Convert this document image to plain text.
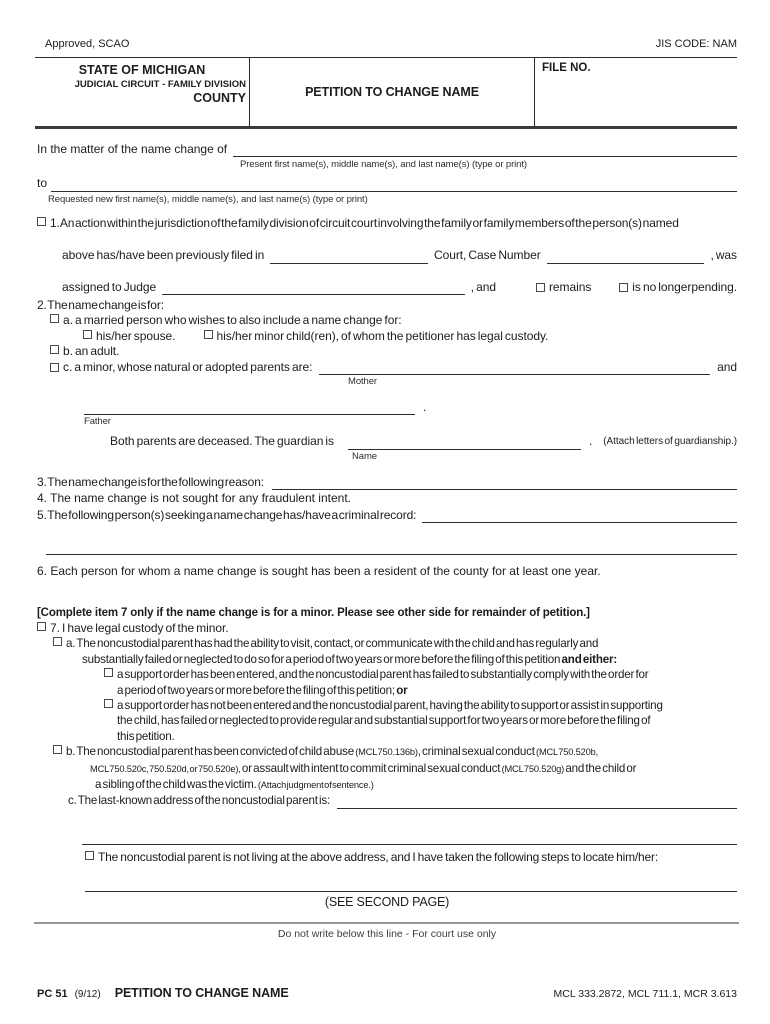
Approved, SCAO	JIS CODE: NAM
STATE OF MICHIGAN
JUDICIAL CIRCUIT - FAMILY DIVISION
COUNTY	PETITION TO CHANGE NAME
FILE NO.
In the matter of the name change of
Present first name(s), middle name(s), and last name(s) (type or print)
to
Requested new first name(s), middle name(s), and last name(s) (type or print)
1. An action within the jurisdiction of the family division of circuit court involving the family or family members of the person(s) named
above has/have been previously filed in	Court, Case Number	, was
assigned to Judge	, and	remains	is no longer pending.
2. The name change is for:
a. a married person who wishes to also include a name change for:
his/her spouse.	his/her minor child(ren), of whom the petitioner has legal custody.
b. an adult.
c. a minor, whose natural or adopted parents are:	and
Mother
.
Father
Both parents are deceased. The guardian is	. (Attach letters of guardianship.)
Name
3. The name change is for the following reason:
4. The name change is not sought for any fraudulent intent.
5. The following person(s) seeking a name change has/have a criminal record:
6. Each person for whom a name change is sought has been a resident of the county for at least one year.
[Complete item 7 only if the name change is for a minor. Please see other side for remainder of petition.]
7. I have legal custody of the minor.
a. The noncustodial parent has had the ability to visit, contact, or communicate with the child and has regularly and
substantially failed or neglected to do so for a period of two years or more before the filing of this petition and either:
a support order has been entered, and the noncustodial parent has failed to substantially comply with the order for
a period of two years or more before the filing of this petition; or
a support order has not been entered and the noncustodial parent, having the ability to support or assist in supporting
the child, has failed or neglected to provide regular and substantial support for two years or more before the filing of
this petition.
b. The noncustodial parent has been convicted of child abuse (MCL 750.136b), criminal sexual conduct (MCL 750.520b,
MCL 750.520c, 750.520d, or 750.520e), or assault with intent to commit criminal sexual conduct (MCL 750.520g) and the child or
a sibling of the child was the victim. (Attach judgment of sentence.)
c. The last-known address of the noncustodial parent is:
The noncustodial parent is not living at the above address, and I have taken the following steps to locate him/her:
(SEE SECOND PAGE)
Do not write below this line - For court use only
PC 51 (9/12) PETITION TO CHANGE NAME	MCL 333.2872, MCL 711.1, MCR 3.613
